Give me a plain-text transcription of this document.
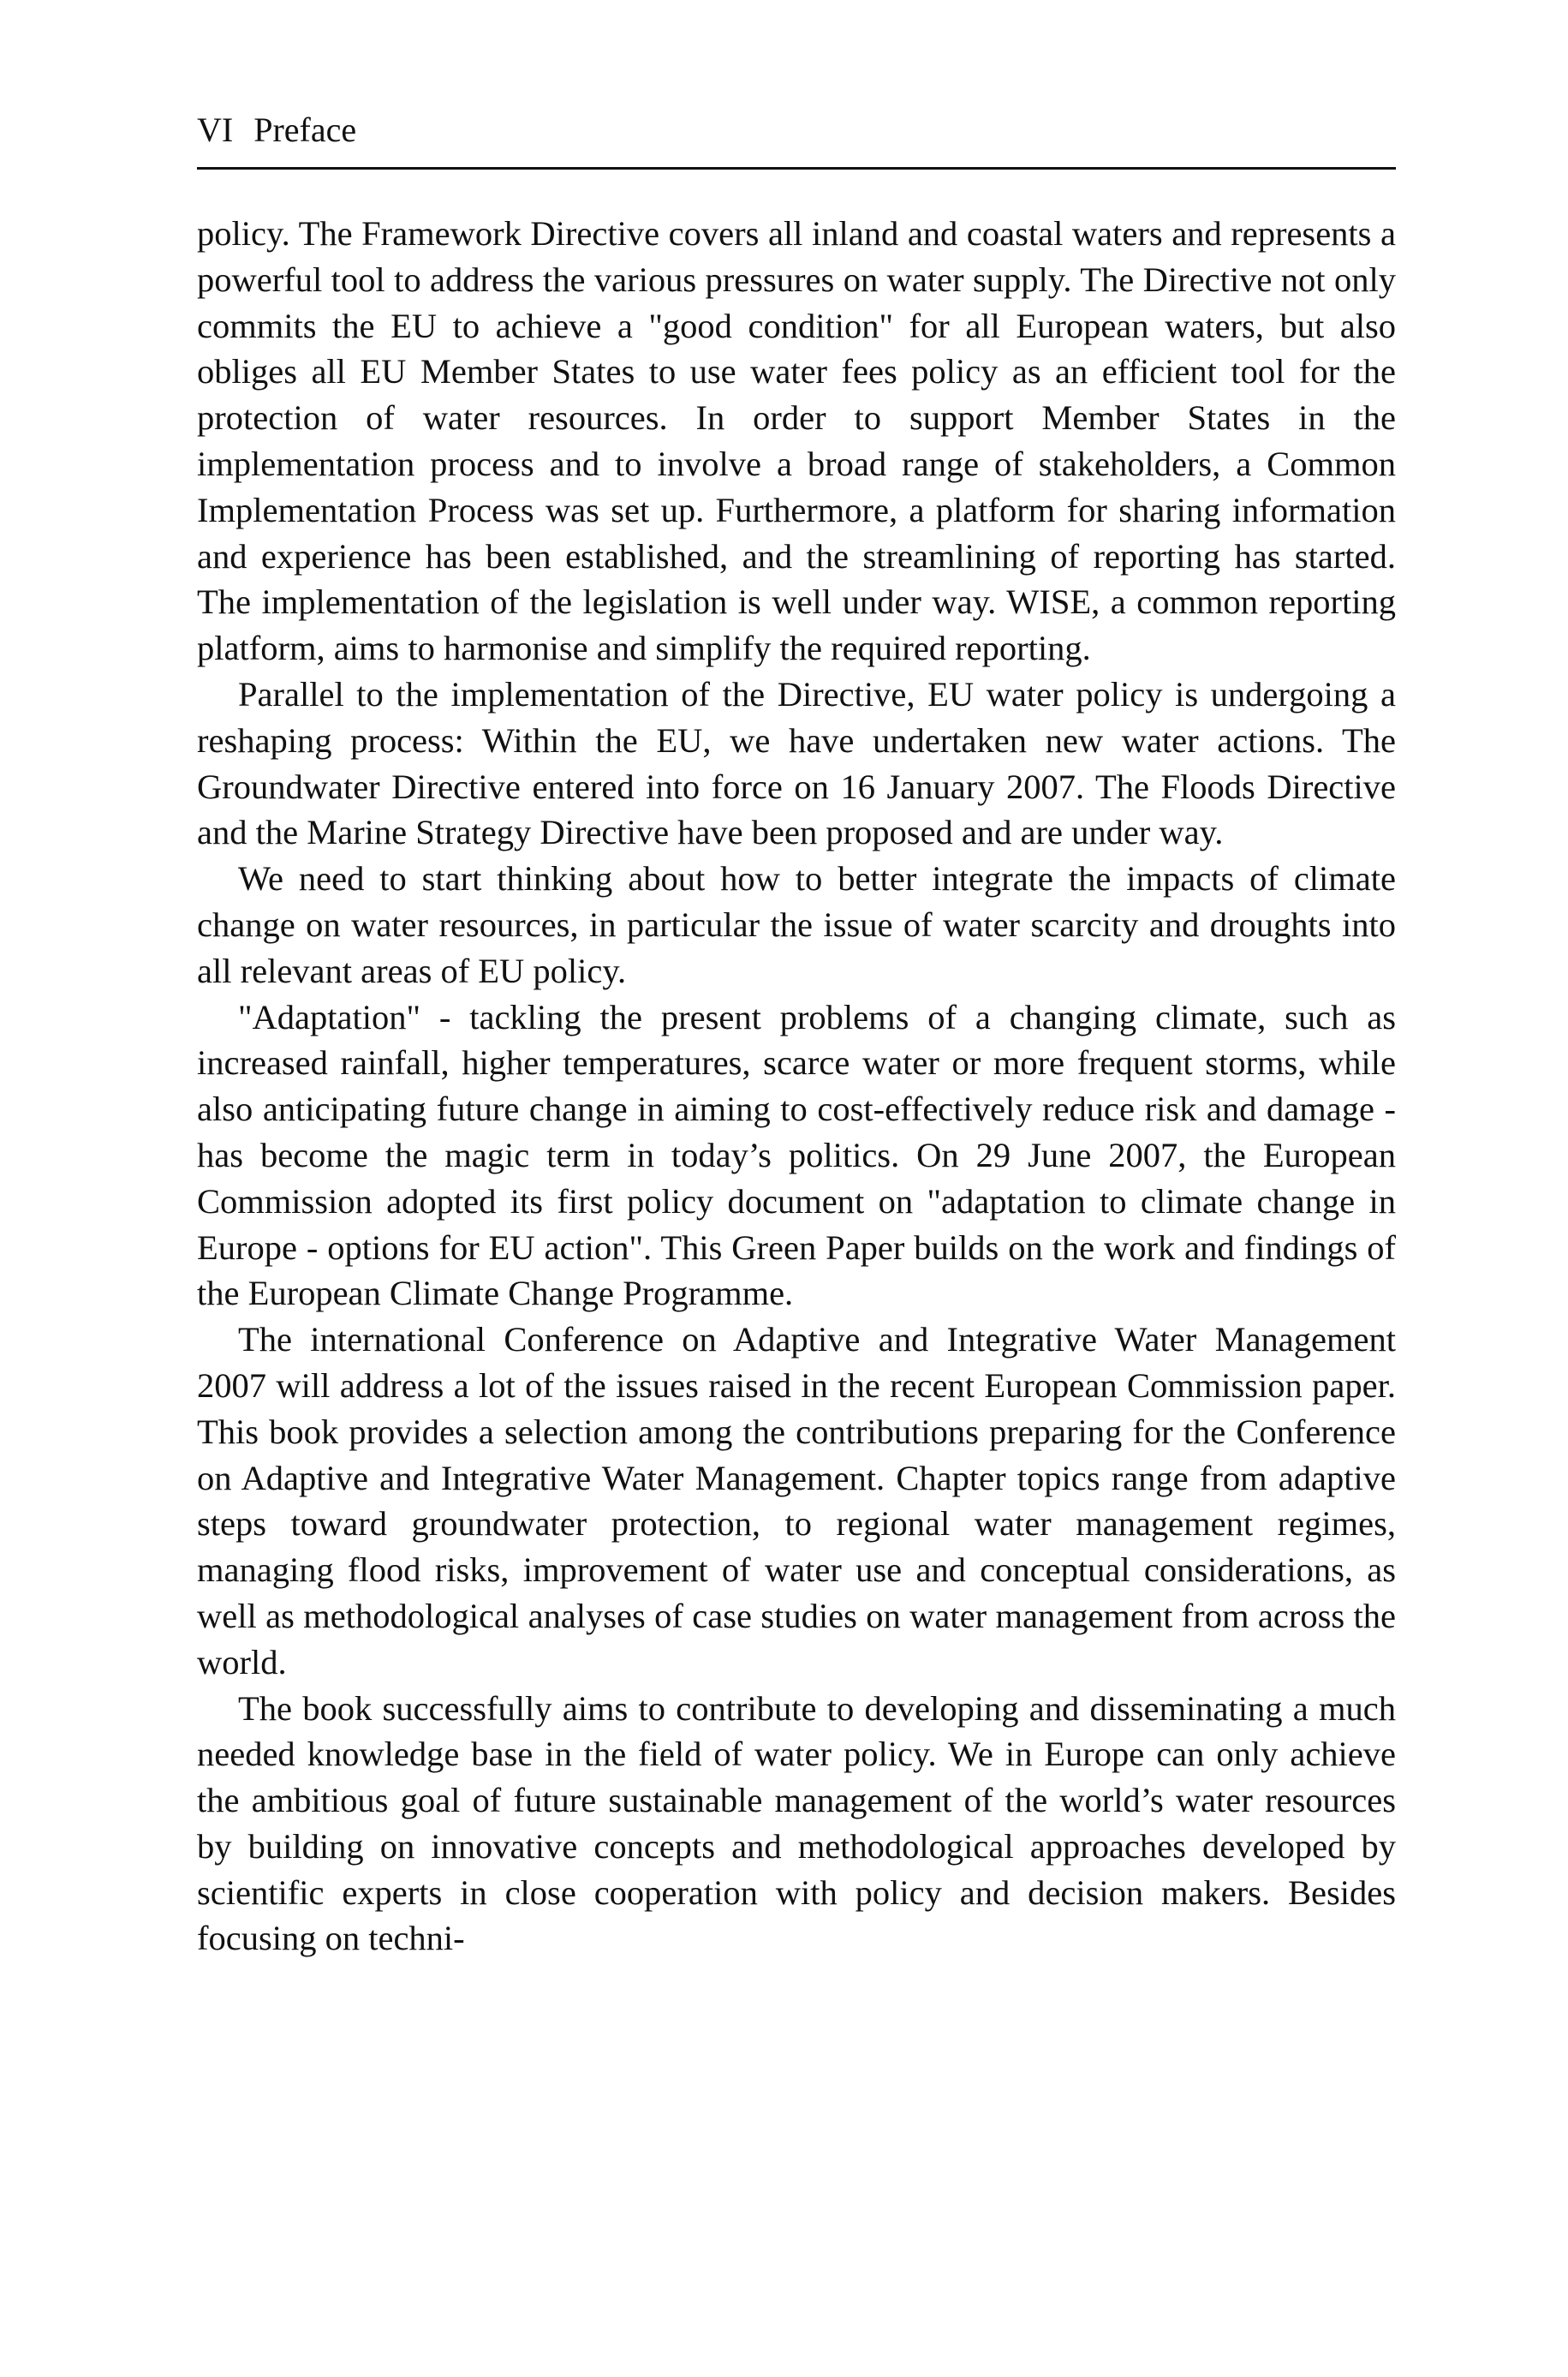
VI Preface

policy. The Framework Directive covers all inland and coastal waters and represents a powerful tool to address the various pressures on water supply. The Directive not only commits the EU to achieve a "good condition" for all European waters, but also obliges all EU Member States to use water fees policy as an efficient tool for the protection of water resources. In order to support Member States in the implementation process and to involve a broad range of stakeholders, a Common Implementation Process was set up. Furthermore, a platform for sharing information and experience has been established, and the streamlining of reporting has started. The implementation of the legislation is well under way. WISE, a common reporting platform, aims to harmonise and simplify the required reporting.

Parallel to the implementation of the Directive, EU water policy is undergoing a reshaping process: Within the EU, we have undertaken new water actions. The Groundwater Directive entered into force on 16 January 2007. The Floods Directive and the Marine Strategy Directive have been proposed and are under way.

We need to start thinking about how to better integrate the impacts of climate change on water resources, in particular the issue of water scarcity and droughts into all relevant areas of EU policy.

"Adaptation" - tackling the present problems of a changing climate, such as increased rainfall, higher temperatures, scarce water or more frequent storms, while also anticipating future change in aiming to cost-effectively reduce risk and damage - has become the magic term in today’s politics. On 29 June 2007, the European Commission adopted its first policy document on "adaptation to climate change in Europe - options for EU action". This Green Paper builds on the work and findings of the European Climate Change Programme.

The international Conference on Adaptive and Integrative Water Management 2007 will address a lot of the issues raised in the recent European Commission paper. This book provides a selection among the contributions preparing for the Conference on Adaptive and Integrative Water Management. Chapter topics range from adaptive steps toward groundwater protection, to regional water management regimes, managing flood risks, improvement of water use and conceptual considerations, as well as methodological analyses of case studies on water management from across the world.

The book successfully aims to contribute to developing and disseminating a much needed knowledge base in the field of water policy. We in Europe can only achieve the ambitious goal of future sustainable management of the world’s water resources by building on innovative concepts and methodological approaches developed by scientific experts in close cooperation with policy and decision makers. Besides focusing on techni-
